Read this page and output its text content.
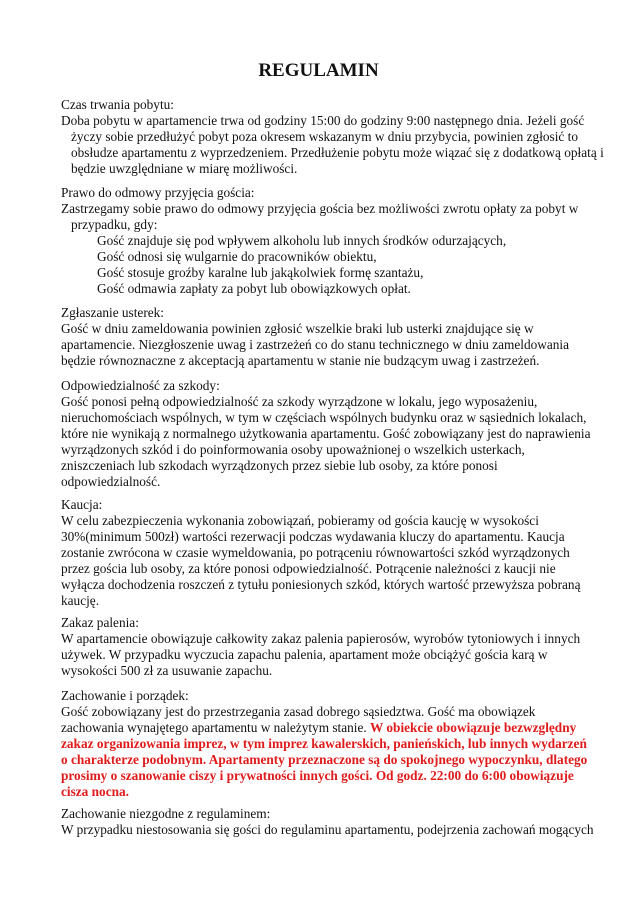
REGULAMIN
Czas trwania pobytu:
Doba pobytu w apartamencie trwa od godziny 15:00 do godziny 9:00 następnego dnia. Jeżeli gość
życzy sobie przedłużyć pobyt poza okresem wskazanym w dniu przybycia, powinien zgłosić to
obsłudze apartamentu z wyprzedzeniem. Przedłużenie pobytu może wiązać się z dodatkową opłatą i
będzie uwzględniane w miarę możliwości.
Prawo do odmowy przyjęcia gościa:
Zastrzegamy sobie prawo do odmowy przyjęcia gościa bez możliwości zwrotu opłaty za pobyt w
przypadku, gdy:
Gość znajduje się pod wpływem alkoholu lub innych środków odurzających,
Gość odnosi się wulgarnie do pracowników obiektu,
Gość stosuje groźby karalne lub jakąkolwiek formę szantażu,
Gość odmawia zapłaty za pobyt lub obowiązkowych opłat.
Zgłaszanie usterek:
Gość w dniu zameldowania powinien zgłosić wszelkie braki lub usterki znajdujące się w
apartamencie. Niezgłoszenie uwag i zastrzeżeń co do stanu technicznego w dniu zameldowania
będzie równoznaczne z akceptacją apartamentu w stanie nie budzącym uwag i zastrzeżeń.
Odpowiedzialność za szkody:
Gość ponosi pełną odpowiedzialność za szkody wyrządzone w lokalu, jego wyposażeniu,
nieruchomościach wspólnych, w tym w częściach wspólnych budynku oraz w sąsiednich lokalach,
które nie wynikają z normalnego użytkowania apartamentu. Gość zobowiązany jest do naprawienia
wyrządzonych szkód i do poinformowania osoby upoważnionej o wszelkich usterkach,
zniszczeniach lub szkodach wyrządzonych przez siebie lub osoby, za które ponosi
odpowiedzialność.
Kaucja:
W celu zabezpieczenia wykonania zobowiązań, pobieramy od gościa kaucję w wysokości
30%(minimum 500zł) wartości rezerwacji podczas wydawania kluczy do apartamentu. Kaucja
zostanie zwrócona w czasie wymeldowania, po potrąceniu równowartości szkód wyrządzonych
przez gościa lub osoby, za które ponosi odpowiedzialność. Potrącenie należności z kaucji nie
wyłącza dochodzenia roszczeń z tytułu poniesionych szkód, których wartość przewyższa pobraną
kaucję.
Zakaz palenia:
W apartamencie obowiązuje całkowity zakaz palenia papierosów, wyrobów tytoniowych i innych
używek. W przypadku wyczucia zapachu palenia, apartament może obciążyć gościa karą w
wysokości 500 zł za usuwanie zapachu.
Zachowanie i porządek:
Gość zobowiązany jest do przestrzegania zasad dobrego sąsiedztwa. Gość ma obowiązek
zachowania wynajętego apartamentu w należytym stanie. W obiekcie obowiązuje bezwzględny
zakaz organizowania imprez, w tym imprez kawalerskich, panieńskich, lub innych wydarzeń
o charakterze podobnym. Apartamenty przeznaczone są do spokojnego wypoczynku, dlatego
prosimy o szanowanie ciszy i prywatności innych gości. Od godz. 22:00 do 6:00 obowiązuje
cisza nocna.
Zachowanie niezgodne z regulaminem:
W przypadku niestosowania się gości do regulaminu apartamentu, podejrzenia zachowań mogących
